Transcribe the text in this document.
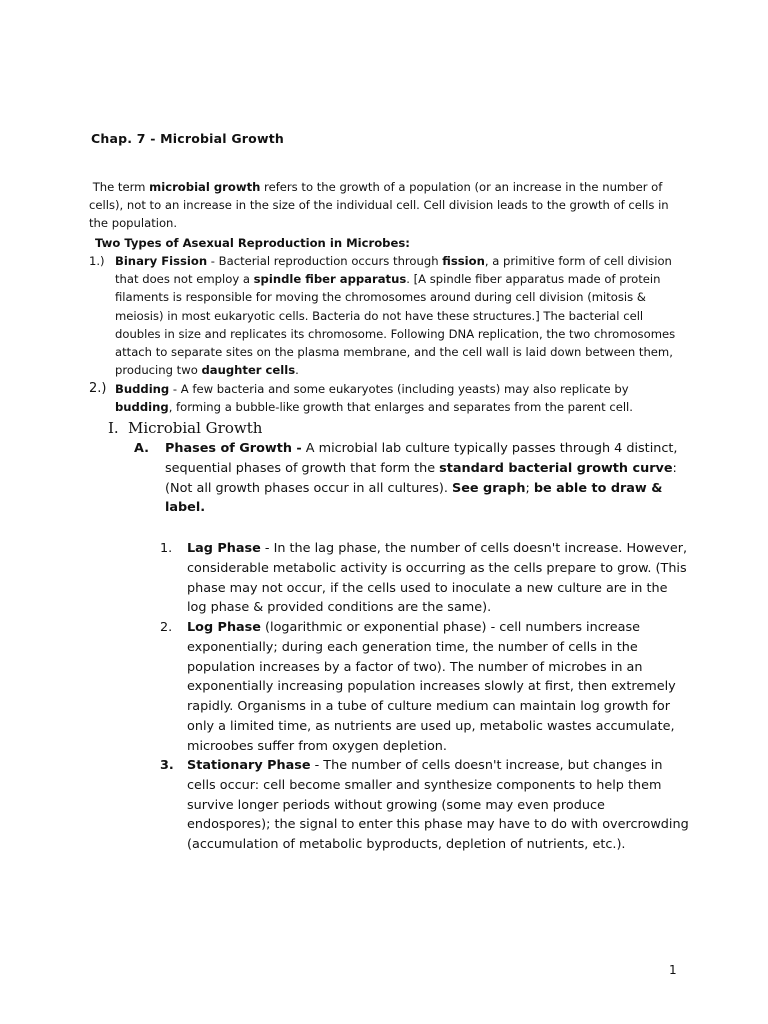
Chap. 7 - Microbial Growth
The term microbial growth refers to the growth of a population (or an increase in the number of cells), not to an increase in the size of the individual cell. Cell division leads to the growth of cells in the population.
Two Types of Asexual Reproduction in Microbes:
1.) Binary Fission - Bacterial reproduction occurs through fission, a primitive form of cell division that does not employ a spindle fiber apparatus. [A spindle fiber apparatus made of protein filaments is responsible for moving the chromosomes around during cell division (mitosis & meiosis) in most eukaryotic cells. Bacteria do not have these structures.] The bacterial cell doubles in size and replicates its chromosome. Following DNA replication, the two chromosomes attach to separate sites on the plasma membrane, and the cell wall is laid down between them, producing two daughter cells.
2.) Budding - A few bacteria and some eukaryotes (including yeasts) may also replicate by budding, forming a bubble-like growth that enlarges and separates from the parent cell.
I. Microbial Growth
A. Phases of Growth - A microbial lab culture typically passes through 4 distinct, sequential phases of growth that form the standard bacterial growth curve: (Not all growth phases occur in all cultures). See graph; be able to draw & label.
1. Lag Phase - In the lag phase, the number of cells doesn't increase. However, considerable metabolic activity is occurring as the cells prepare to grow. (This phase may not occur, if the cells used to inoculate a new culture are in the log phase & provided conditions are the same).
2. Log Phase (logarithmic or exponential phase) - cell numbers increase exponentially; during each generation time, the number of cells in the population increases by a factor of two). The number of microbes in an exponentially increasing population increases slowly at first, then extremely rapidly. Organisms in a tube of culture medium can maintain log growth for only a limited time, as nutrients are used up, metabolic wastes accumulate, microobes suffer from oxygen depletion.
3. Stationary Phase - The number of cells doesn't increase, but changes in cells occur: cell become smaller and synthesize components to help them survive longer periods without growing (some may even produce endospores); the signal to enter this phase may have to do with overcrowding (accumulation of metabolic byproducts, depletion of nutrients, etc.).
1
